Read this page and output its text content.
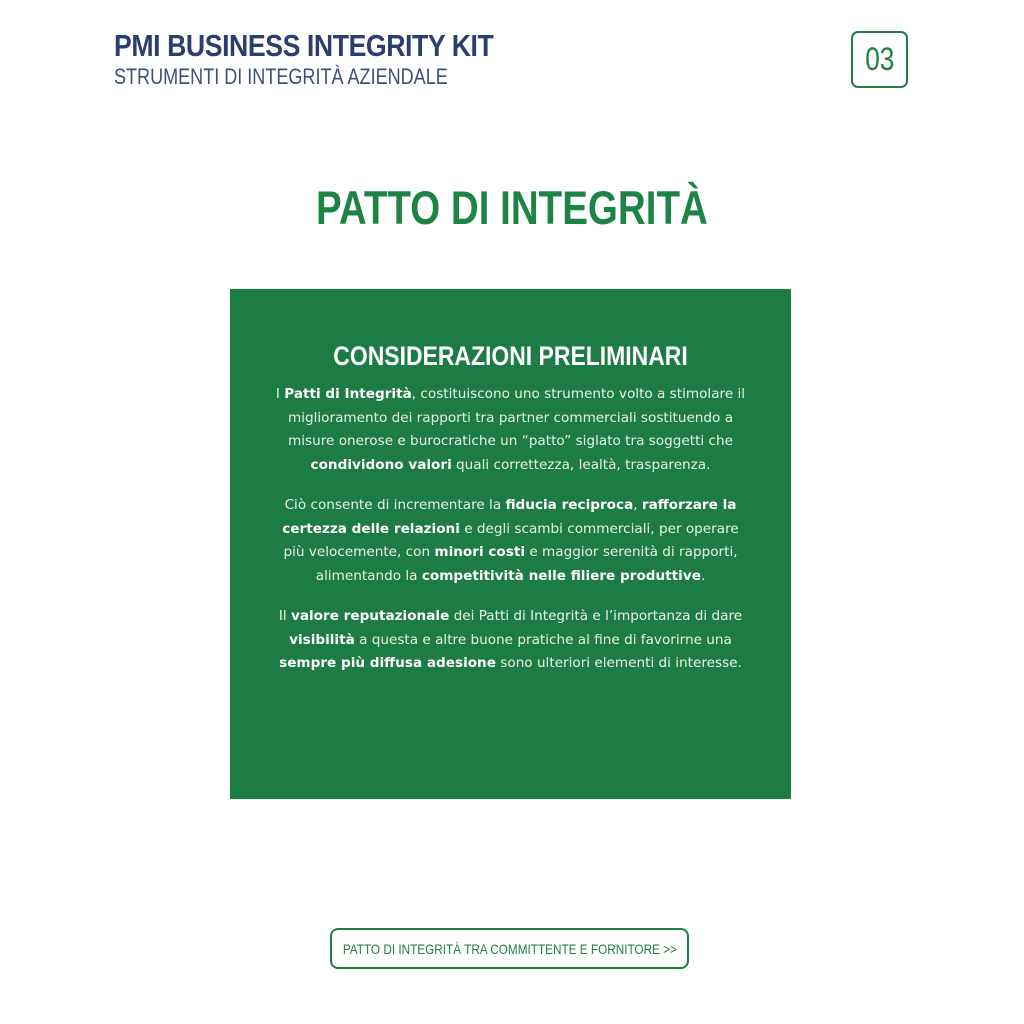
PMI BUSINESS INTEGRITY KIT
STRUMENTI DI INTEGRITÀ AZIENDALE	03
PATTO DI INTEGRITÀ
CONSIDERAZIONI PRELIMINARI

I Patti di Integrità, costituiscono uno strumento volto a stimolare il miglioramento dei rapporti tra partner commerciali sostituendo a misure onerose e burocratiche un “patto” siglato tra soggetti che condividono valori quali correttezza, lealtà, trasparenza.

Ciò consente di incrementare la fiducia reciproca, rafforzare la certezza delle relazioni e degli scambi commerciali, per operare più velocemente, con minori costi e maggior serenità di rapporti, alimentando la competitività nelle filiere produttive.

Il valore reputazionale dei Patti di Integrità e l’importanza di dare visibilità a questa e altre buone pratiche al fine di favorirne una sempre più diffusa adesione sono ulteriori elementi di interesse.

PATTO DI INTEGRITÀ TRA COMMITTENTE E FORNITORE >>
